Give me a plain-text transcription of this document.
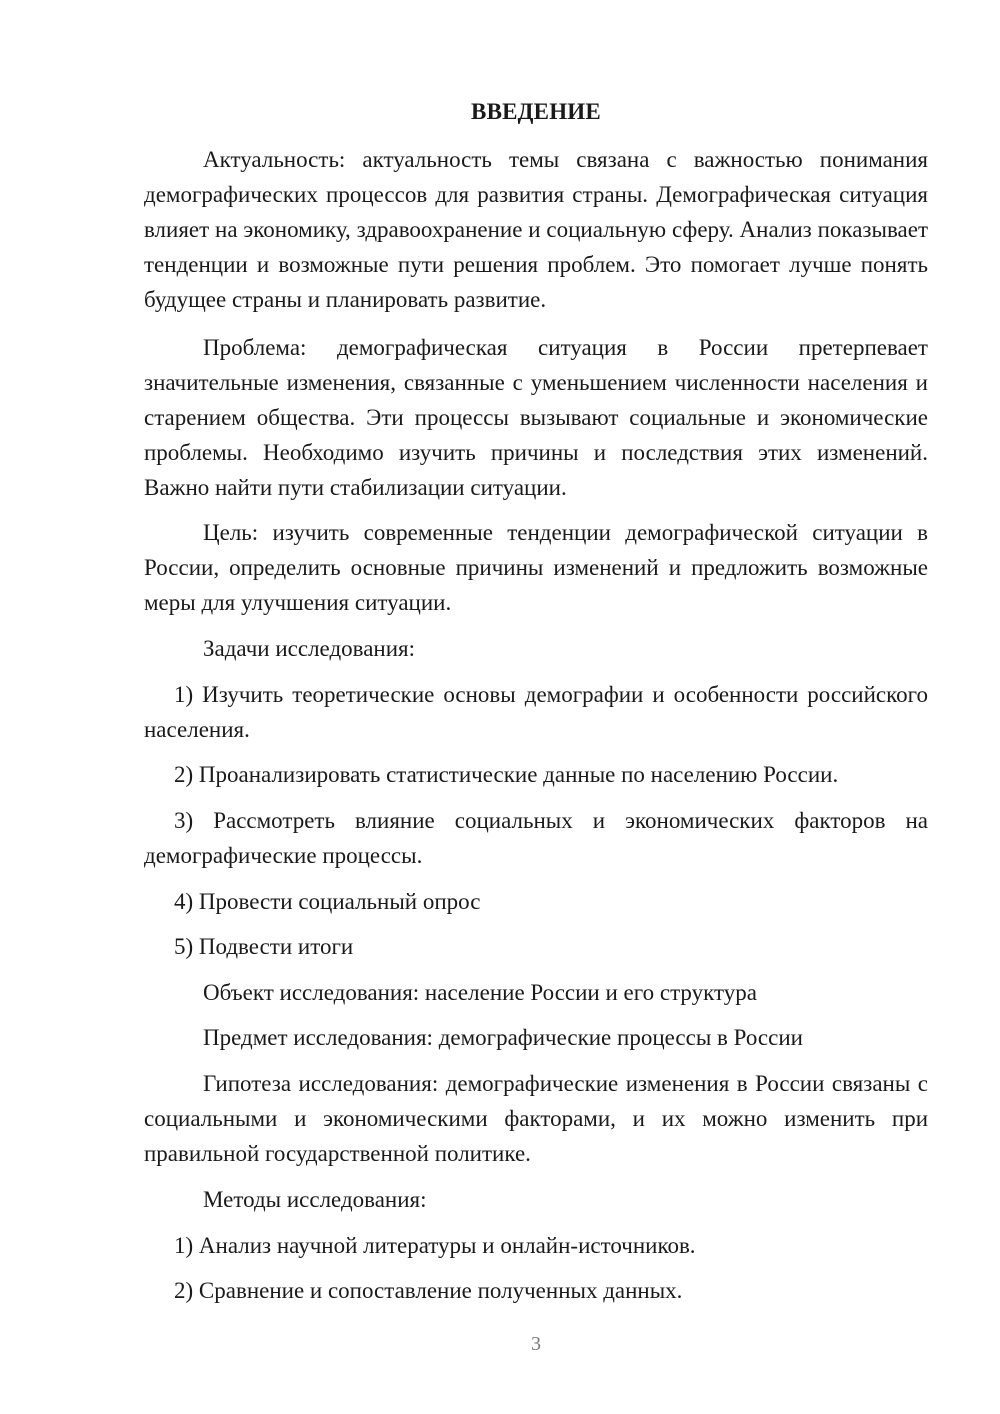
ВВЕДЕНИЕ

Актуальность: актуальность темы связана с важностью понимания демографических процессов для развития страны. Демографическая ситуация влияет на экономику, здравоохранение и социальную сферу. Анализ показывает тенденции и возможные пути решения проблем. Это помогает лучше понять будущее страны и планировать развитие.

Проблема: демографическая ситуация в России претерпевает значительные изменения, связанные с уменьшением численности населения и старением общества. Эти процессы вызывают социальные и экономические проблемы. Необходимо изучить причины и последствия этих изменений. Важно найти пути стабилизации ситуации.

Цель: изучить современные тенденции демографической ситуации в России, определить основные причины изменений и предложить возможные меры для улучшения ситуации.

Задачи исследования:

1) Изучить теоретические основы демографии и особенности российского населения.

2) Проанализировать статистические данные по населению России.

3) Рассмотреть влияние социальных и экономических факторов на демографические процессы.

4) Провести социальный опрос

5) Подвести итоги

Объект исследования: население России и его структура

Предмет исследования: демографические процессы в России

Гипотеза исследования: демографические изменения в России связаны с социальными и экономическими факторами, и их можно изменить при правильной государственной политике.

Методы исследования:

1) Анализ научной литературы и онлайн-источников.

2) Сравнение и сопоставление полученных данных.

3
